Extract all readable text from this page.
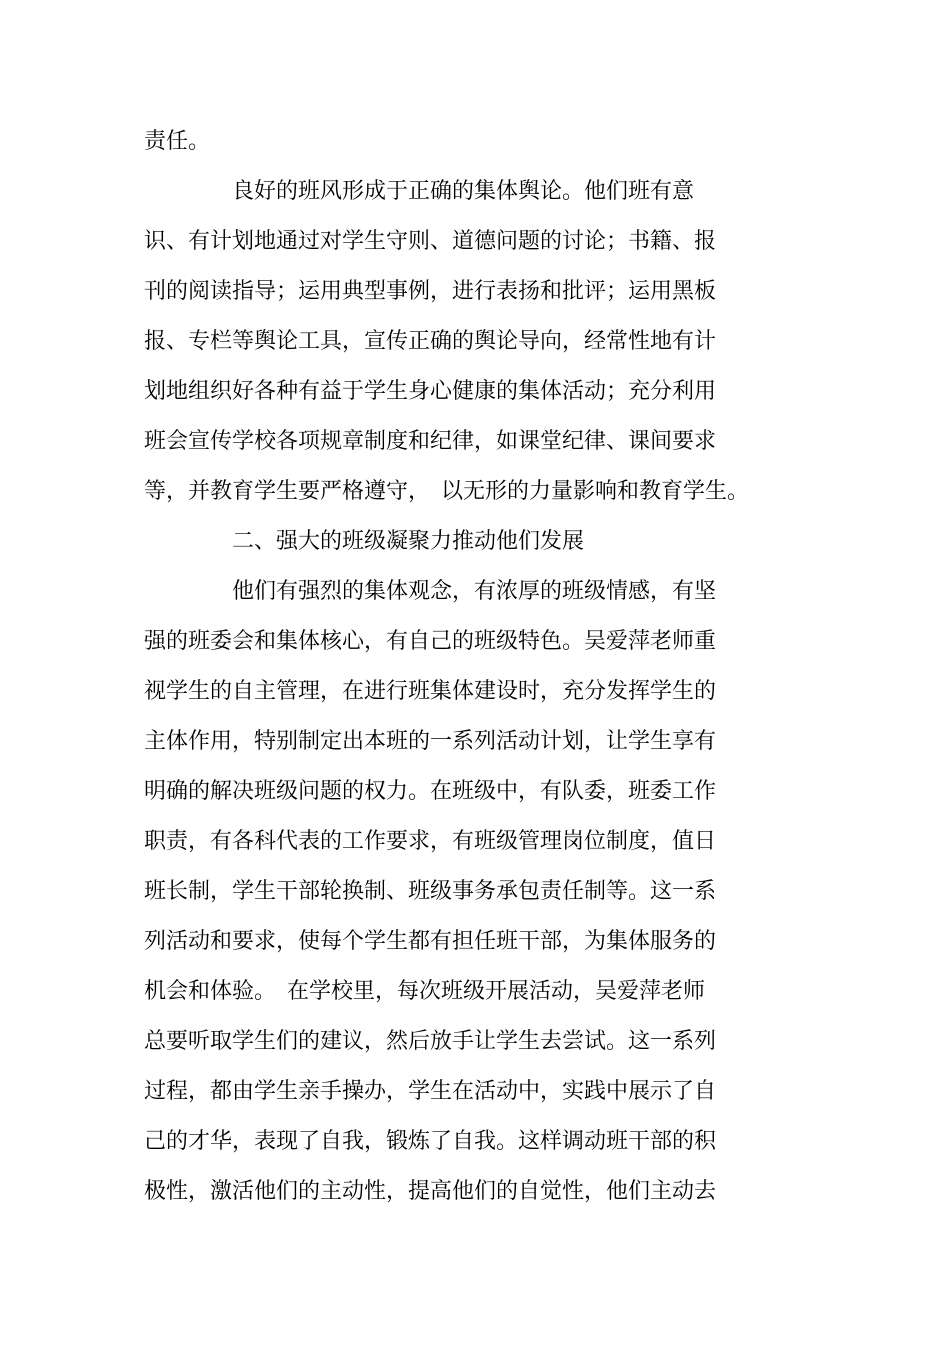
责任。

　　　　良好的班风形成于正确的集体舆论。他们班有意

识、有计划地通过对学生守则、道德问题的讨论；书籍、报

刊的阅读指导；运用典型事例，进行表扬和批评；运用黑板

报、专栏等舆论工具，宣传正确的舆论导向，经常性地有计

划地组织好各种有益于学生身心健康的集体活动；充分利用

班会宣传学校各项规章制度和纪律，如课堂纪律、课间要求

等，并教育学生要严格遵守，　以无形的力量影响和教育学生。

　　　　二、强大的班级凝聚力推动他们发展

　　　　他们有强烈的集体观念，有浓厚的班级情感，有坚

强的班委会和集体核心，有自己的班级特色。吴爱萍老师重

视学生的自主管理，在进行班集体建设时，充分发挥学生的

主体作用，特别制定出本班的一系列活动计划，让学生享有

明确的解决班级问题的权力。在班级中，有队委，班委工作

职责，有各科代表的工作要求，有班级管理岗位制度，值日

班长制，学生干部轮换制、班级事务承包责任制等。这一系

列活动和要求，使每个学生都有担任班干部，为集体服务的

机会和体验。　在学校里，每次班级开展活动，吴爱萍老师

总要听取学生们的建议，然后放手让学生去尝试。这一系列

过程，都由学生亲手操办，学生在活动中，实践中展示了自

己的才华，表现了自我，锻炼了自我。这样调动班干部的积

极性，激活他们的主动性，提高他们的自觉性，他们主动去
